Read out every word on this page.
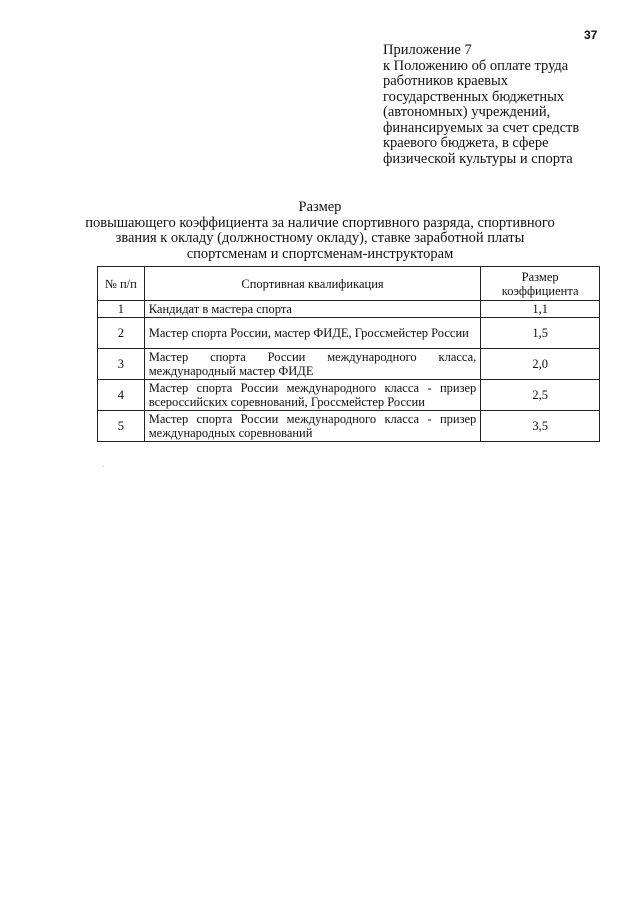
37
Приложение 7
к Положению об оплате труда
работников краевых
государственных бюджетных
(автономных) учреждений,
финансируемых за счет средств
краевого бюджета, в сфере
физической культуры и спорта
Размер
повышающего коэффициента за наличие спортивного разряда, спортивного
звания к окладу (должностному окладу), ставке заработной платы
спортсменам и спортсменам-инструкторам
№ п/п	Спортивная квалификация	Размер
коэффициента

1	Кандидат в мастера спорта	1,1
2	Мастер спорта России, мастер ФИДЕ, Гроссмейстер России	1,5
3	Мастер спорта России международного класса, международный мастер ФИДЕ	2,0
4	Мастер спорта России международного класса - призер всероссийских соревнований, Гроссмейстер России	2,5
5	Мастер спорта России международного класса - призер международных соревнований	3,5
